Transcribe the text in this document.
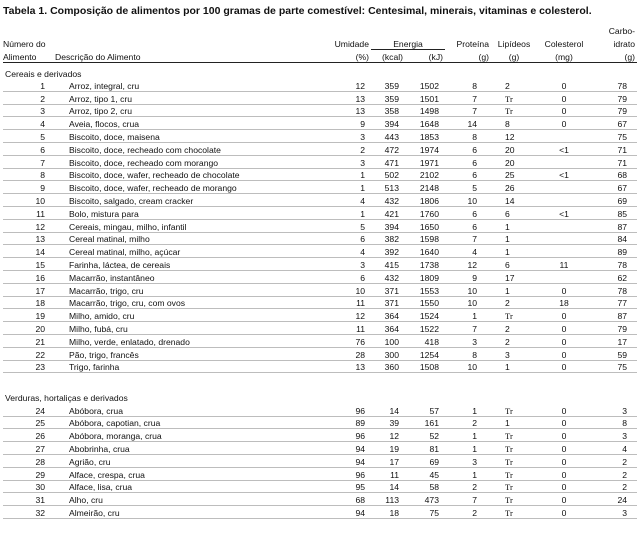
Tabela 1. Composição de alimentos por 100 gramas de parte comestível: Centesimal, minerais, vitaminas e colesterol.
								Carbo-
Número do		Umidade	Energia		Proteína	Lipídeos	Colesterol	idrato
Alimento	Descrição do Alimento	(%)	(kcal)	(kJ)	(g)	(g)	(mg)	(g)
Cereais e derivados								
1	Arroz, integral, cru	12	359	1502	8	2	0	78
2	Arroz, tipo 1, cru	13	359	1501	7	Tr	0	79
3	Arroz, tipo 2, cru	13	358	1498	7	Tr	0	79
4	Aveia, flocos, crua	9	394	1648	14	8	0	67
5	Biscoito, doce, maisena	3	443	1853	8	12		75
6	Biscoito, doce, recheado com chocolate	2	472	1974	6	20	<1	71
7	Biscoito, doce, recheado com morango	3	471	1971	6	20		71
8	Biscoito, doce, wafer, recheado de chocolate	1	502	2102	6	25	<1	68
9	Biscoito, doce, wafer, recheado de morango	1	513	2148	5	26		67
10	Biscoito, salgado, cream cracker	4	432	1806	10	14		69
11	Bolo, mistura para	1	421	1760	6	6	<1	85
12	Cereais, mingau, milho, infantil	5	394	1650	6	1		87
13	Cereal matinal, milho	6	382	1598	7	1		84
14	Cereal matinal, milho, açúcar	4	392	1640	4	1		89
15	Farinha, láctea, de cereais	3	415	1738	12	6	11	78
16	Macarrão, instantâneo	6	432	1809	9	17		62
17	Macarrão, trigo, cru	10	371	1553	10	1	0	78
18	Macarrão, trigo, cru, com ovos	11	371	1550	10	2	18	77
19	Milho, amido, cru	12	364	1524	1	Tr	0	87
20	Milho, fubá, cru	11	364	1522	7	2	0	79
21	Milho, verde, enlatado, drenado	76	100	418	3	2	0	17
22	Pão, trigo, francês	28	300	1254	8	3	0	59
23	Trigo, farinha	13	360	1508	10	1	0	75

Verduras, hortaliças e derivados								
24	Abóbora, crua	96	14	57	1	Tr	0	3
25	Abóbora, capotian, crua	89	39	161	2	1	0	8
26	Abóbora, moranga, crua	96	12	52	1	Tr	0	3
27	Abobrinha, crua	94	19	81	1	Tr	0	4
28	Agrião, cru	94	17	69	3	Tr	0	2
29	Alface, crespa, crua	96	11	45	1	Tr	0	2
30	Alface, lisa, crua	95	14	58	2	Tr	0	2
31	Alho, cru	68	113	473	7	Tr	0	24
32	Almeirão, cru	94	18	75	2	Tr	0	3
